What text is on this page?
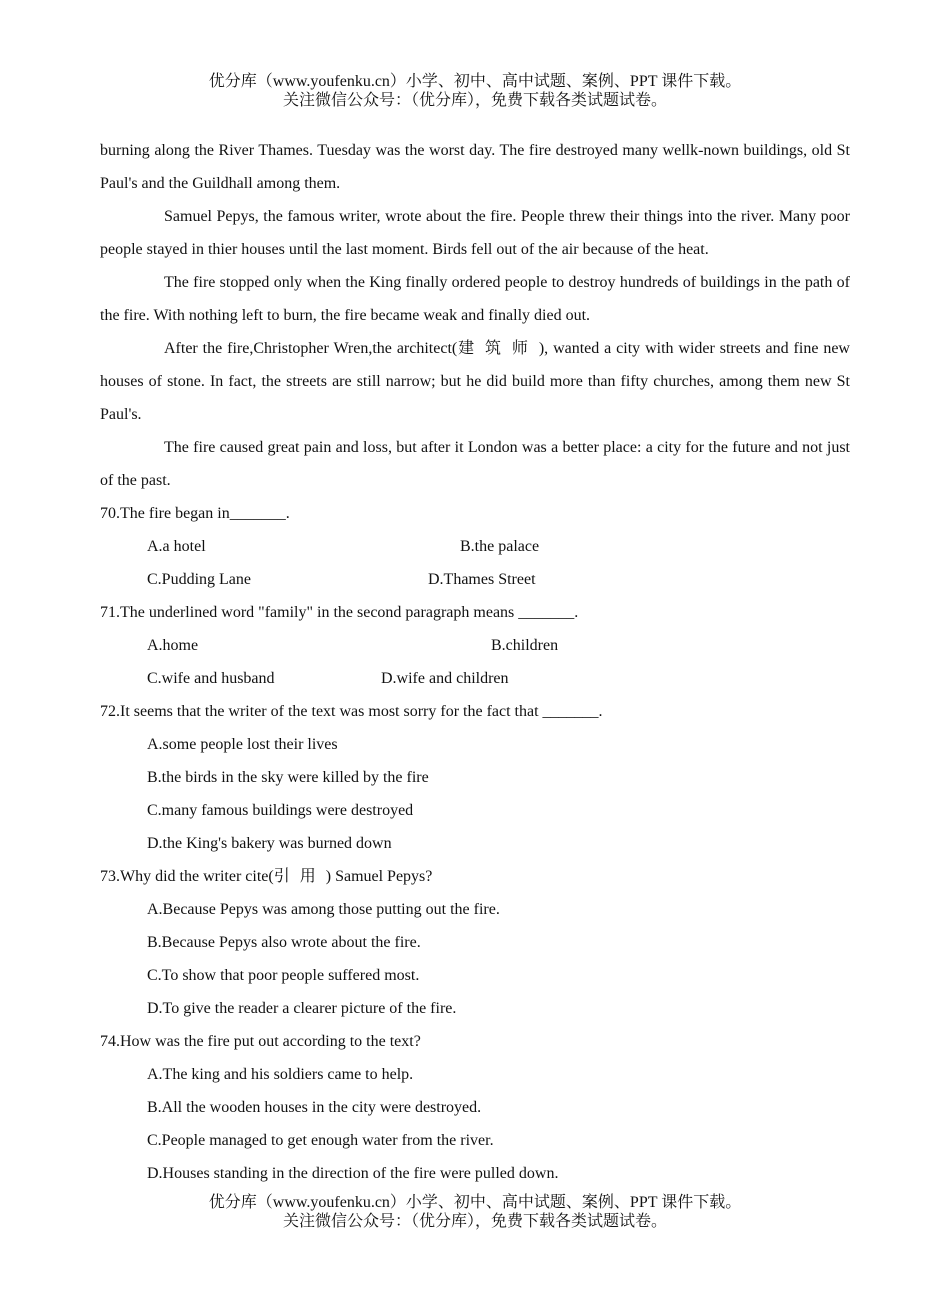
优分库（www.youfenku.cn）小学、初中、高中试题、案例、PPT 课件下载。
关注微信公众号：（优分库），免费下载各类试题试卷。
burning along the River Thames. Tuesday was the worst day. The fire destroyed many wellk-nown buildings, old St Paul's and the Guildhall among them.
Samuel Pepys, the famous writer, wrote about the fire. People threw their things into the river. Many poor people stayed in thier houses until the last moment. Birds fell out of the air because of the heat.
The fire stopped only when the King finally ordered people to destroy hundreds of buildings in the path of the fire. With nothing left to burn, the fire became weak and finally died out.
After the fire,Christopher Wren,the architect(建筑师), wanted a city with wider streets and fine new houses of stone. In fact, the streets are still narrow; but he did build more than fifty churches, among them new St Paul's.
The fire caused great pain and loss, but after it London was a better place: a city for the future and not just of the past.
70.The fire began in_______.
A.a hotel	B.the palace
C.Pudding Lane	D.Thames Street
71.The underlined word "family" in the second paragraph means _______.
A.home	B.children
C.wife and husband	D.wife and children
72.It seems that the writer of the text was most sorry for the fact that _______.
A.some people lost their lives
B.the birds in the sky were killed by the fire
C.many famous buildings were destroyed
D.the King's bakery was burned down
73.Why did the writer cite(引用) Samuel Pepys?
A.Because Pepys was among those putting out the fire.
B.Because Pepys also wrote about the fire.
C.To show that poor people suffered most.
D.To give the reader a clearer picture of the fire.
74.How was the fire put out according to the text?
A.The king and his soldiers came to help.
B.All the wooden houses in the city were destroyed.
C.People managed to get enough water from the river.
D.Houses standing in the direction of the fire were pulled down.
优分库（www.youfenku.cn）小学、初中、高中试题、案例、PPT 课件下载。
关注微信公众号：（优分库），免费下载各类试题试卷。
